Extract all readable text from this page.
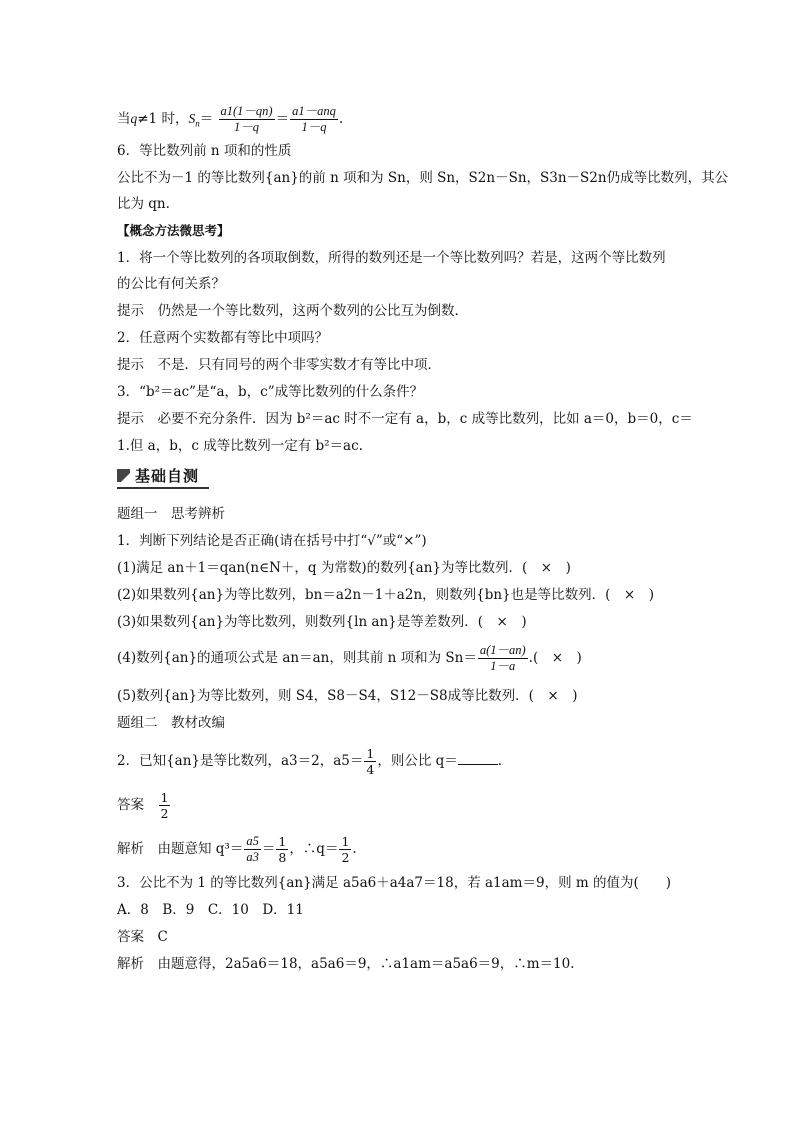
当q≠1 时，$S_n= \frac{a1(1-qn)}{1-q} = \frac{\text{a1－anq}}{1-q}$ .
6．等比数列前 n 项和的性质
公比不为－1 的等比数列{an}的前 n 项和为 Sn，则 Sn，S2n－Sn，S3n－S2n仍成等比数列，其公
比为 qn.
【概念方法微思考】
1．将一个等比数列的各项取倒数，所得的数列还是一个等比数列吗？若是，这两个等比数列
的公比有何关系？
提示　仍然是一个等比数列，这两个数列的公比互为倒数．
2．任意两个实数都有等比中项吗？
提示　不是．只有同号的两个非零实数才有等比中项．
3．“b²＝ac”是“a，b，c”成等比数列的什么条件？
提示　必要不充分条件．因为 b²＝ac 时不一定有 a，b，c 成等比数列，比如 a＝0，b＝0，c＝
1.但 a，b，c 成等比数列一定有 b²＝ac.
基础自测
题组一　思考辨析
1．判断下列结论是否正确(请在括号中打“√”或“×”)
(1)满足 an＋1＝qan(n∈N＋，q 为常数)的数列{an}为等比数列．(　×　)
(2)如果数列{an}为等比数列，bn＝a2n－1＋a2n，则数列{bn}也是等比数列．(　×　)
(3)如果数列{an}为等比数列，则数列{ln an}是等差数列．(　×　)
(4)数列{an}的通项公式是 an＝an，则其前 n 项和为 $Sn= \frac{a(1-an)}{1-a}$ .(　×　)
(5)数列{an}为等比数列，则 S4，S8－S4，S12－S8成等比数列．(　×　)
题组二　教材改编
2．已知{an}是等比数列，a3＝2，$a5= \frac{1}{4}$ ，则公比 q＝	.
答案　 $\frac{1}{2}$
解析　 由题意知 $q^3= \frac{a5}{a3} = \frac{1}{8}$ ，∴q＝ $\frac{1}{2}$ .
3．公比不为 1 的等比数列{an}满足 a5a6＋a4a7＝18，若 a1am＝9，则 m 的值为(　　)
A．8　B．9　C．10　D．11
答案　 C
解析　 由题意得，2a5a6＝18，a5a6＝9，∴a1am＝a5a6＝9，∴m＝10.
